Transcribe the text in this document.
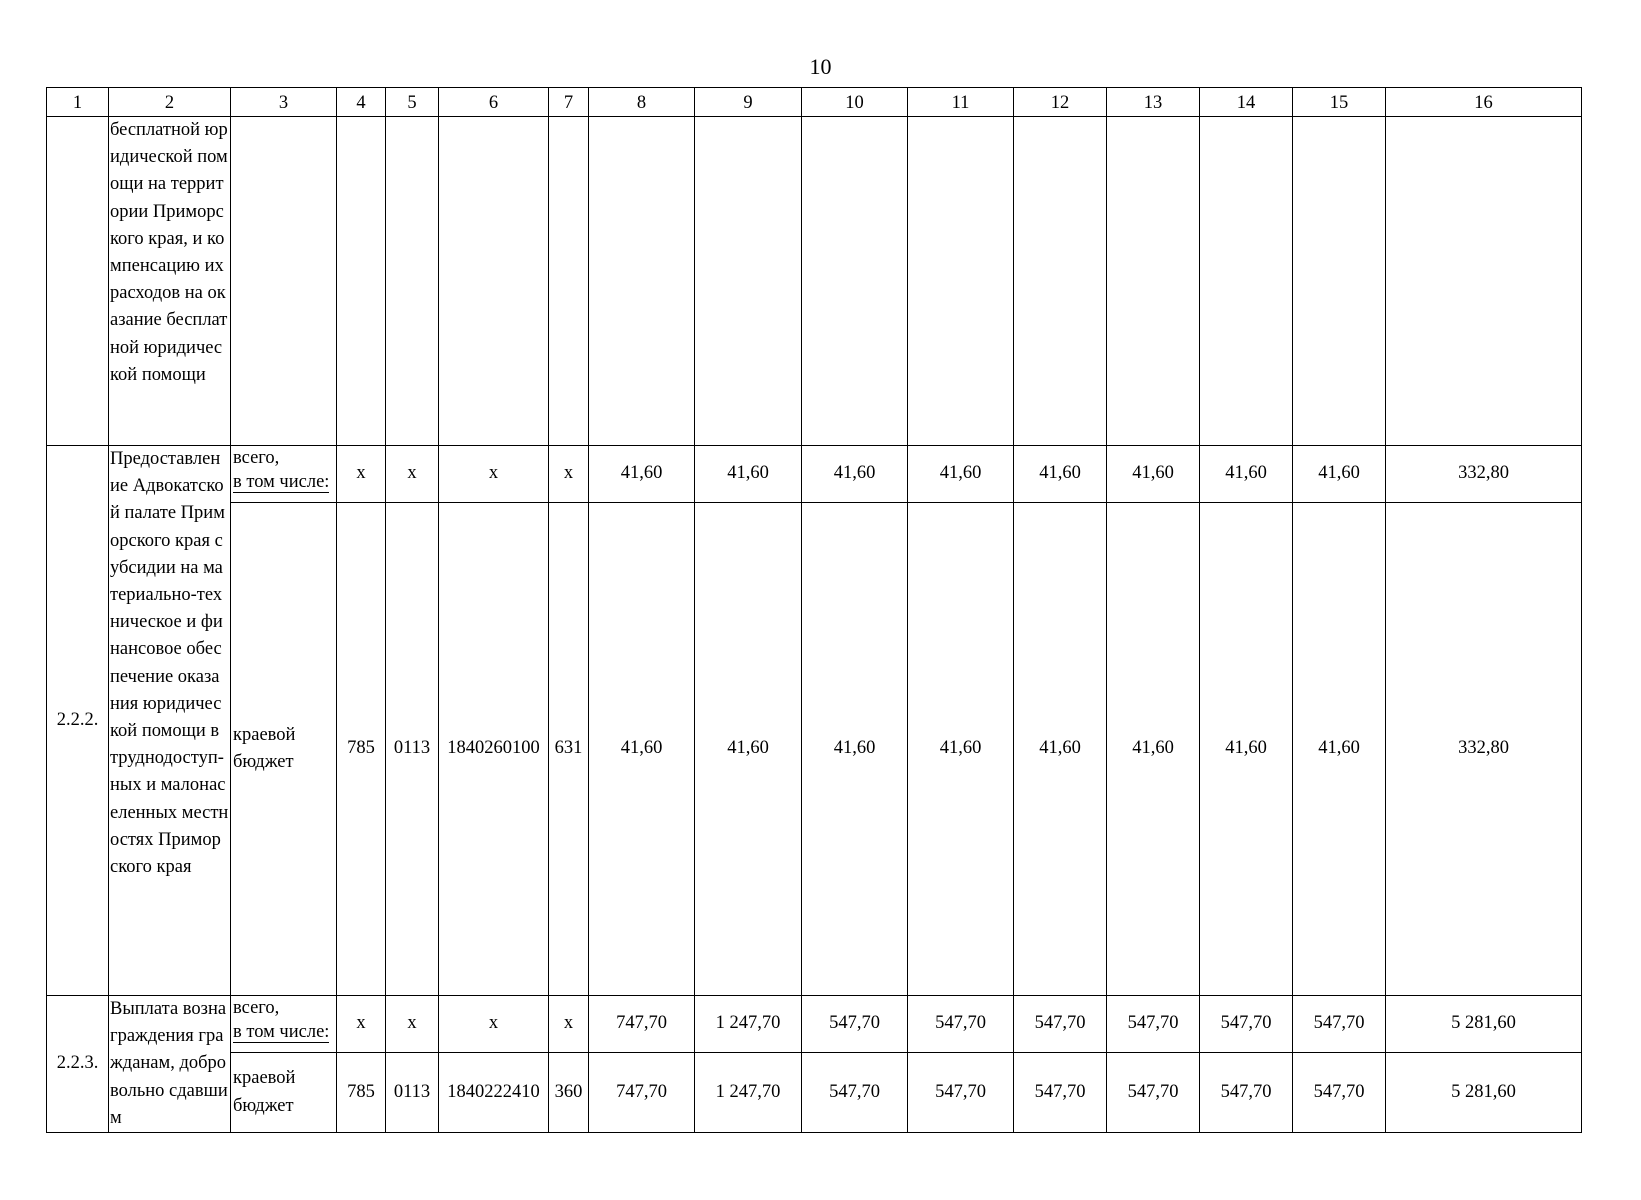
10
1	2	3	4	5	6	7	8	9	10	11	12	13	14	15	16
	бесплатной юридической помощи на территории Приморского края, и компенсацию их расходов на оказание бесплатной юридической помощи														
2.2.2.	Предоставление Адвокатской палате Приморского края субсидии на материально-техническое и финансовое обеспечение оказания юридической помощи в труднодоступ-ных и малонаселенных местностях Приморского края	всего,
в том числе:	x	x	x	x	41,60	41,60	41,60	41,60	41,60	41,60	41,60	41,60	332,80
		краевой бюджет	785	0113	1840260100	631	41,60	41,60	41,60	41,60	41,60	41,60	41,60	41,60	332,80
2.2.3.	Выплата вознаграждения гражданам, добровольно сдавшим	всего,
в том числе:	x	x	x	x	747,70	1 247,70	547,70	547,70	547,70	547,70	547,70	547,70	5 281,60
		краевой бюджет	785	0113	1840222410	360	747,70	1 247,70	547,70	547,70	547,70	547,70	547,70	547,70	5 281,60
